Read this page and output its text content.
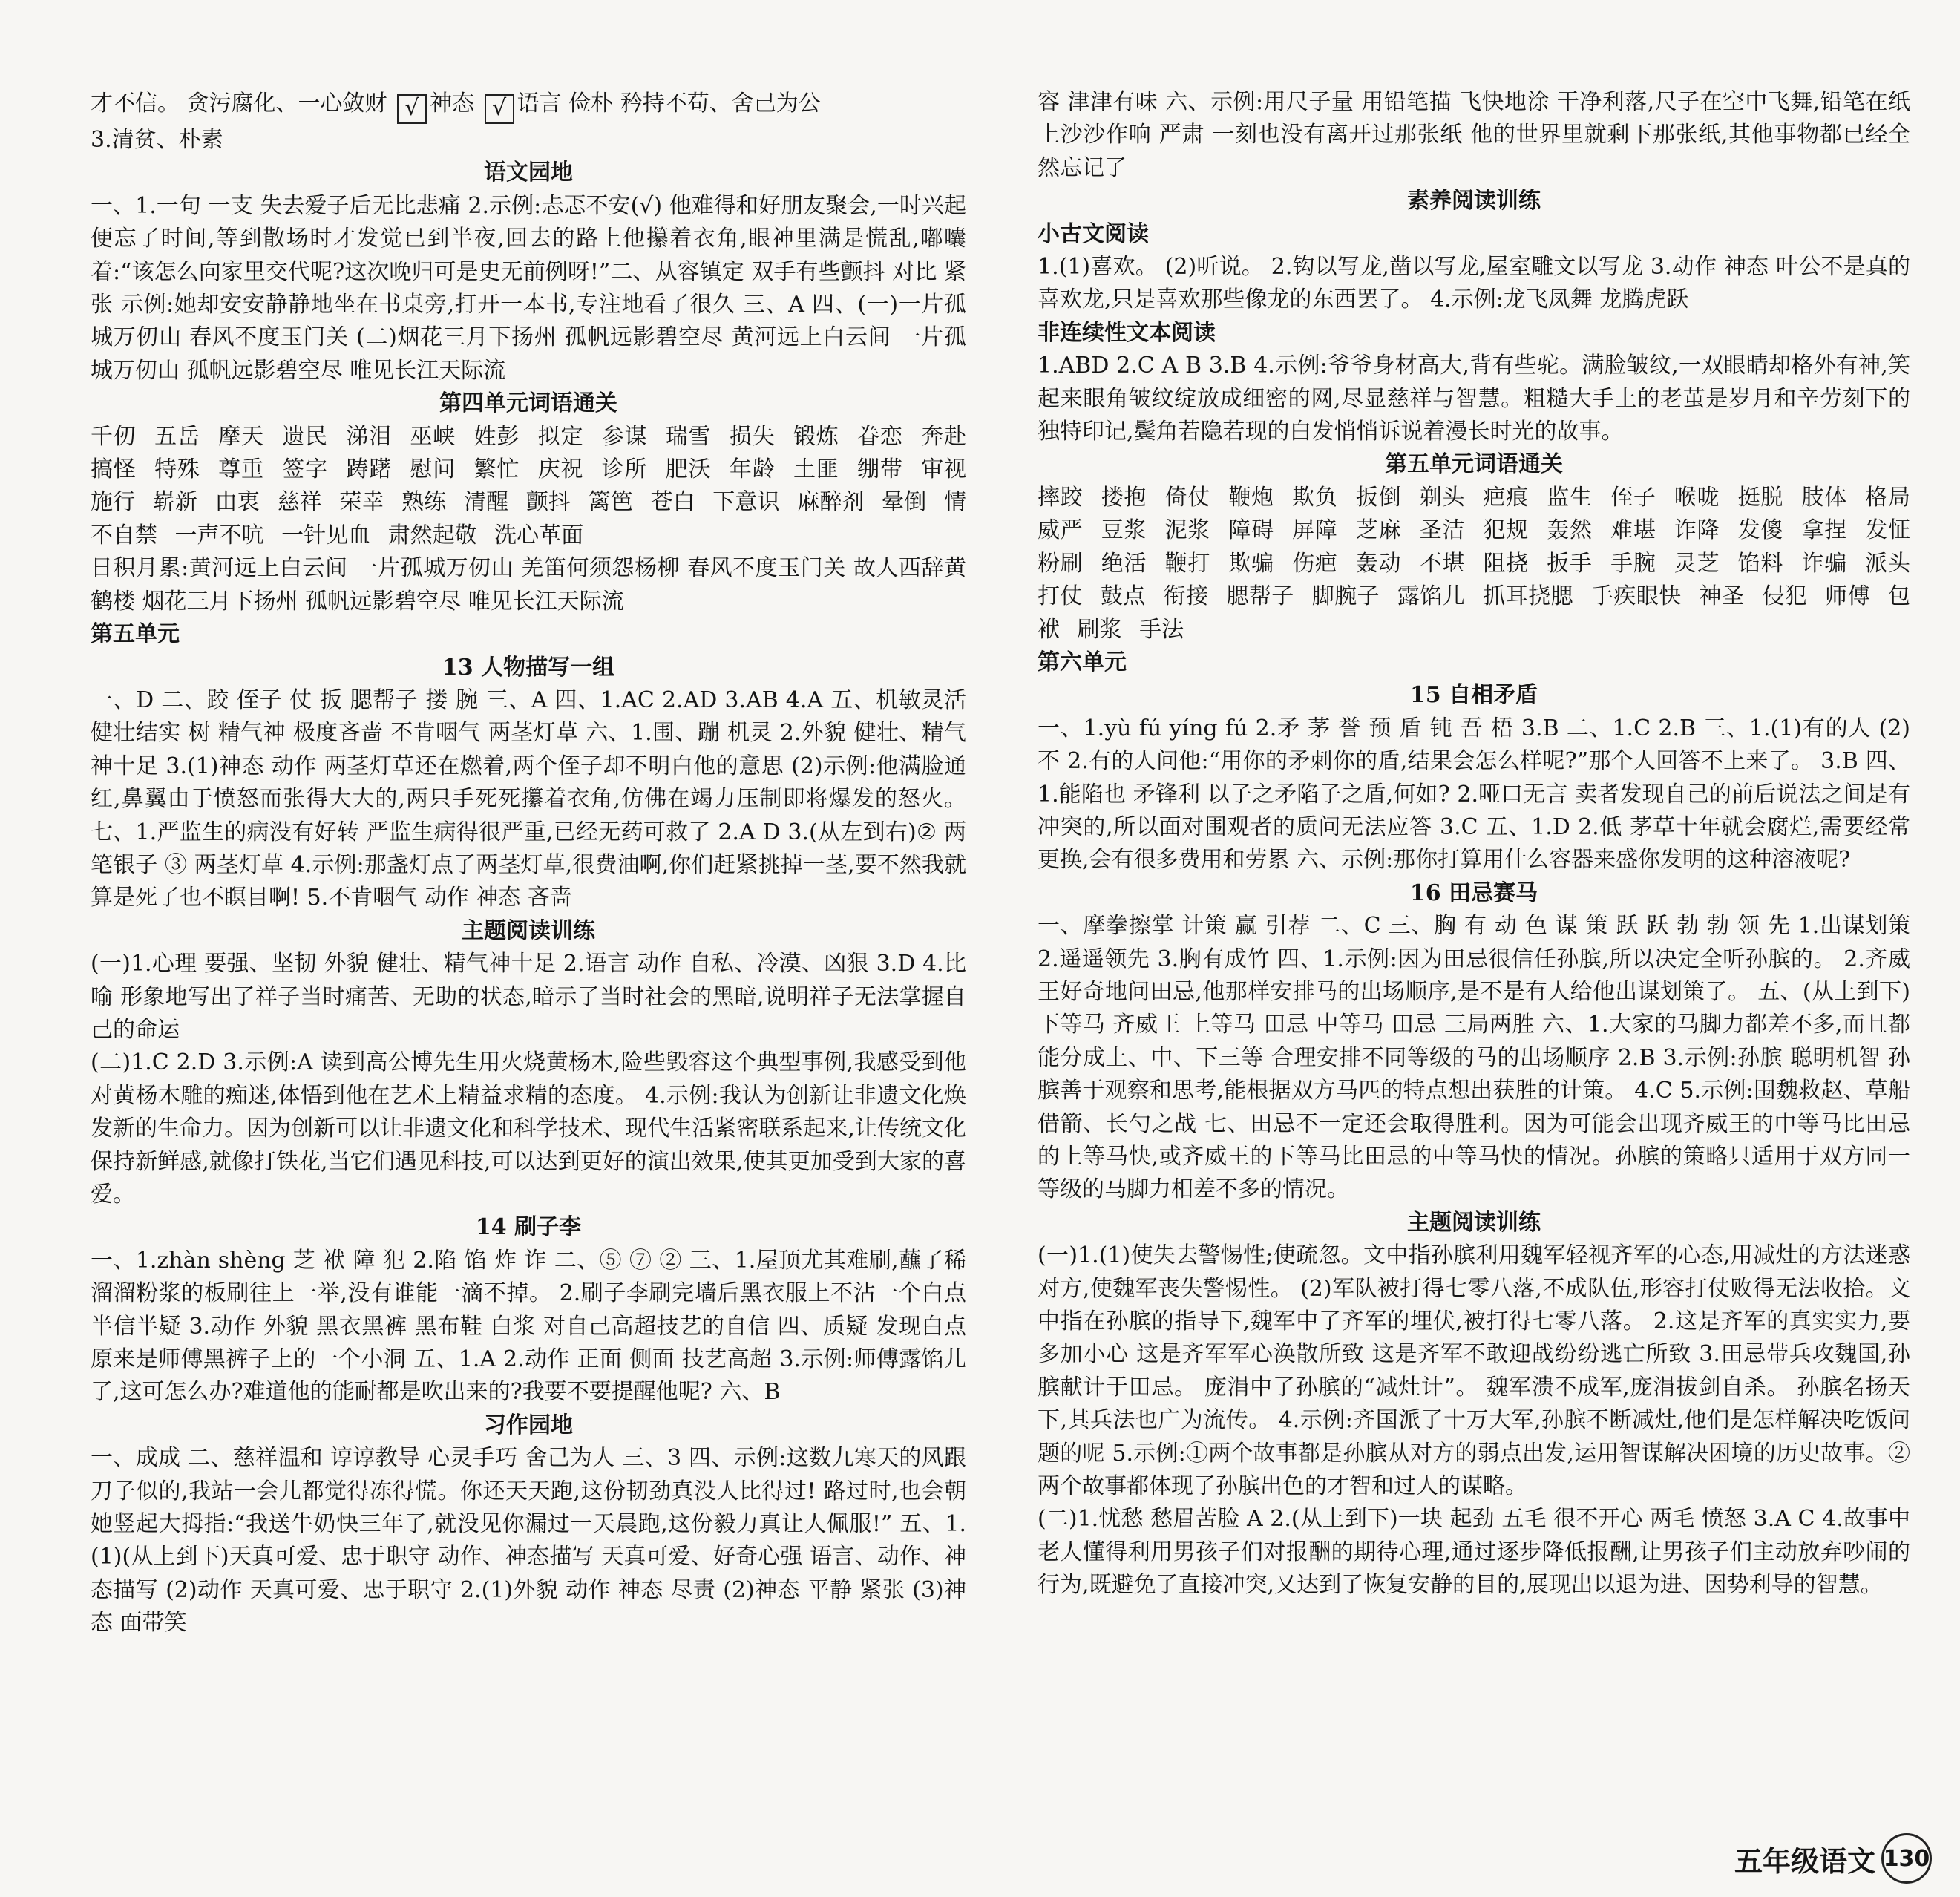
才不信。 贪污腐化、一心敛财 √ 神态 √ 语言 俭朴 矜持不苟、舍己为公

3.清贫、朴素

语文园地

一、1.一句 一支 失去爱子后无比悲痛 2.示例:忐忑不安(√) 他难得和好朋友聚会,一时兴起便忘了时间,等到散场时才发觉已到半夜,回去的路上他攥着衣角,眼神里满是慌乱,嘟囔着:“该怎么向家里交代呢?这次晚归可是史无前例呀!”二、从容镇定 双手有些颤抖 对比 紧张 示例:她却安安静静地坐在书桌旁,打开一本书,专注地看了很久 三、A 四、(一)一片孤城万仞山 春风不度玉门关 (二)烟花三月下扬州 孤帆远影碧空尽 黄河远上白云间 一片孤城万仞山 孤帆远影碧空尽 唯见长江天际流

第四单元词语通关

千仞 五岳 摩天 遗民 涕泪 巫峡 姓彭 拟定 参谋 瑞雪 损失 锻炼 眷恋 奔赴 搞怪 特殊 尊重 签字 踌躇 慰问 繁忙 庆祝 诊所 肥沃 年龄 土匪 绷带 审视 施行 崭新 由衷 慈祥 荣幸 熟练 清醒 颤抖 篱笆 苍白 下意识 麻醉剂 晕倒 情不自禁 一声不吭 一针见血 肃然起敬 洗心革面

日积月累:黄河远上白云间 一片孤城万仞山 羌笛何须怨杨柳 春风不度玉门关 故人西辞黄鹤楼 烟花三月下扬州 孤帆远影碧空尽 唯见长江天际流

第五单元

13 人物描写一组

一、D 二、跤 侄子 仗 扳 腮帮子 搂 腕 三、A 四、1.AC 2.AD 3.AB 4.A 五、机敏灵活 健壮结实 树 精气神 极度吝啬 不肯咽气 两茎灯草 六、1.围、蹦 机灵 2.外貌 健壮、精气神十足 3.(1)神态 动作 两茎灯草还在燃着,两个侄子却不明白他的意思 (2)示例:他满脸通红,鼻翼由于愤怒而张得大大的,两只手死死攥着衣角,仿佛在竭力压制即将爆发的怒火。 七、1.严监生的病没有好转 严监生病得很严重,已经无药可救了 2.A D 3.(从左到右)② 两笔银子 ③ 两茎灯草 4.示例:那盏灯点了两茎灯草,很费油啊,你们赶紧挑掉一茎,要不然我就算是死了也不瞑目啊! 5.不肯咽气 动作 神态 吝啬

主题阅读训练

(一)1.心理 要强、坚韧 外貌 健壮、精气神十足 2.语言 动作 自私、冷漠、凶狠 3.D 4.比喻 形象地写出了祥子当时痛苦、无助的状态,暗示了当时社会的黑暗,说明祥子无法掌握自己的命运

(二)1.C 2.D 3.示例:A 读到高公博先生用火烧黄杨木,险些毁容这个典型事例,我感受到他对黄杨木雕的痴迷,体悟到他在艺术上精益求精的态度。 4.示例:我认为创新让非遗文化焕发新的生命力。因为创新可以让非遗文化和科学技术、现代生活紧密联系起来,让传统文化保持新鲜感,就像打铁花,当它们遇见科技,可以达到更好的演出效果,使其更加受到大家的喜爱。

14 刷子李

一、1.zhàn shèng 芝 袱 障 犯 2.陷 馅 炸 诈 二、⑤ ⑦ ② 三、1.屋顶尤其难刷,蘸了稀溜溜粉浆的板刷往上一举,没有谁能一滴不掉。 2.刷子李刷完墙后黑衣服上不沾一个白点 半信半疑 3.动作 外貌 黑衣黑裤 黑布鞋 白浆 对自己高超技艺的自信 四、质疑 发现白点原来是师傅黑裤子上的一个小洞 五、1.A 2.动作 正面 侧面 技艺高超 3.示例:师傅露馅儿了,这可怎么办?难道他的能耐都是吹出来的?我要不要提醒他呢? 六、B

习作园地

一、成成 二、慈祥温和 谆谆教导 心灵手巧 舍己为人 三、3 四、示例:这数九寒天的风跟刀子似的,我站一会儿都觉得冻得慌。你还天天跑,这份韧劲真没人比得过! 路过时,也会朝她竖起大拇指:“我送牛奶快三年了,就没见你漏过一天晨跑,这份毅力真让人佩服!” 五、1.(1)(从上到下)天真可爱、忠于职守 动作、神态描写 天真可爱、好奇心强 语言、动作、神态描写 (2)动作 天真可爱、忠于职守 2.(1)外貌 动作 神态 尽责 (2)神态 平静 紧张 (3)神态 面带笑

容 津津有味 六、示例:用尺子量 用铅笔描 飞快地涂 干净利落,尺子在空中飞舞,铅笔在纸上沙沙作响 严肃 一刻也没有离开过那张纸 他的世界里就剩下那张纸,其他事物都已经全然忘记了

素养阅读训练

小古文阅读

1.(1)喜欢。 (2)听说。 2.钩以写龙,凿以写龙,屋室雕文以写龙 3.动作 神态 叶公不是真的喜欢龙,只是喜欢那些像龙的东西罢了。 4.示例:龙飞凤舞 龙腾虎跃

非连续性文本阅读

1.ABD 2.C A B 3.B 4.示例:爷爷身材高大,背有些驼。满脸皱纹,一双眼睛却格外有神,笑起来眼角皱纹绽放成细密的网,尽显慈祥与智慧。粗糙大手上的老茧是岁月和辛劳刻下的独特印记,鬓角若隐若现的白发悄悄诉说着漫长时光的故事。

第五单元词语通关

摔跤 搂抱 倚仗 鞭炮 欺负 扳倒 剃头 疤痕 监生 侄子 喉咙 挺脱 肢体 格局 威严 豆浆 泥浆 障碍 屏障 芝麻 圣洁 犯规 轰然 难堪 诈降 发傻 拿捏 发怔 粉刷 绝活 鞭打 欺骗 伤疤 轰动 不堪 阻挠 扳手 手腕 灵芝 馅料 诈骗 派头 打仗 鼓点 衔接 腮帮子 脚腕子 露馅儿 抓耳挠腮 手疾眼快 神圣 侵犯 师傅 包袱 刷浆 手法

第六单元

15 自相矛盾

一、1.yù fú yíng fú 2.矛 茅 誉 预 盾 钝 吾 梧 3.B 二、1.C 2.B 三、1.(1)有的人 (2)不 2.有的人问他:“用你的矛刺你的盾,结果会怎么样呢?”那个人回答不上来了。 3.B 四、1.能陷也 矛锋利 以子之矛陷子之盾,何如? 2.哑口无言 卖者发现自己的前后说法之间是有冲突的,所以面对围观者的质问无法应答 3.C 五、1.D 2.低 茅草十年就会腐烂,需要经常更换,会有很多费用和劳累 六、示例:那你打算用什么容器来盛你发明的这种溶液呢?

16 田忌赛马

一、摩拳擦掌 计策 赢 引荐 二、C 三、胸 有 动 色 谋 策 跃 跃 勃 勃 领 先 1.出谋划策 2.遥遥领先 3.胸有成竹 四、1.示例:因为田忌很信任孙膑,所以决定全听孙膑的。 2.齐威王好奇地问田忌,他那样安排马的出场顺序,是不是有人给他出谋划策了。 五、(从上到下)下等马 齐威王 上等马 田忌 中等马 田忌 三局两胜 六、1.大家的马脚力都差不多,而且都能分成上、中、下三等 合理安排不同等级的马的出场顺序 2.B 3.示例:孙膑 聪明机智 孙膑善于观察和思考,能根据双方马匹的特点想出获胜的计策。 4.C 5.示例:围魏救赵、草船借箭、长勺之战 七、田忌不一定还会取得胜利。因为可能会出现齐威王的中等马比田忌的上等马快,或齐威王的下等马比田忌的中等马快的情况。孙膑的策略只适用于双方同一等级的马脚力相差不多的情况。

主题阅读训练

(一)1.(1)使失去警惕性;使疏忽。文中指孙膑利用魏军轻视齐军的心态,用减灶的方法迷惑对方,使魏军丧失警惕性。 (2)军队被打得七零八落,不成队伍,形容打仗败得无法收拾。文中指在孙膑的指导下,魏军中了齐军的埋伏,被打得七零八落。 2.这是齐军的真实实力,要多加小心 这是齐军军心涣散所致 这是齐军不敢迎战纷纷逃亡所致 3.田忌带兵攻魏国,孙膑献计于田忌。 庞涓中了孙膑的“减灶计”。 魏军溃不成军,庞涓拔剑自杀。 孙膑名扬天下,其兵法也广为流传。 4.示例:齐国派了十万大军,孙膑不断减灶,他们是怎样解决吃饭问题的呢 5.示例:①两个故事都是孙膑从对方的弱点出发,运用智谋解决困境的历史故事。②两个故事都体现了孙膑出色的才智和过人的谋略。

(二)1.忧愁 愁眉苦脸 A 2.(从上到下)一块 起劲 五毛 很不开心 两毛 愤怒 3.A C 4.故事中老人懂得利用男孩子们对报酬的期待心理,通过逐步降低报酬,让男孩子们主动放弃吵闹的行为,既避免了直接冲突,又达到了恢复安静的目的,展现出以退为进、因势利导的智慧。

五年级语文 130
